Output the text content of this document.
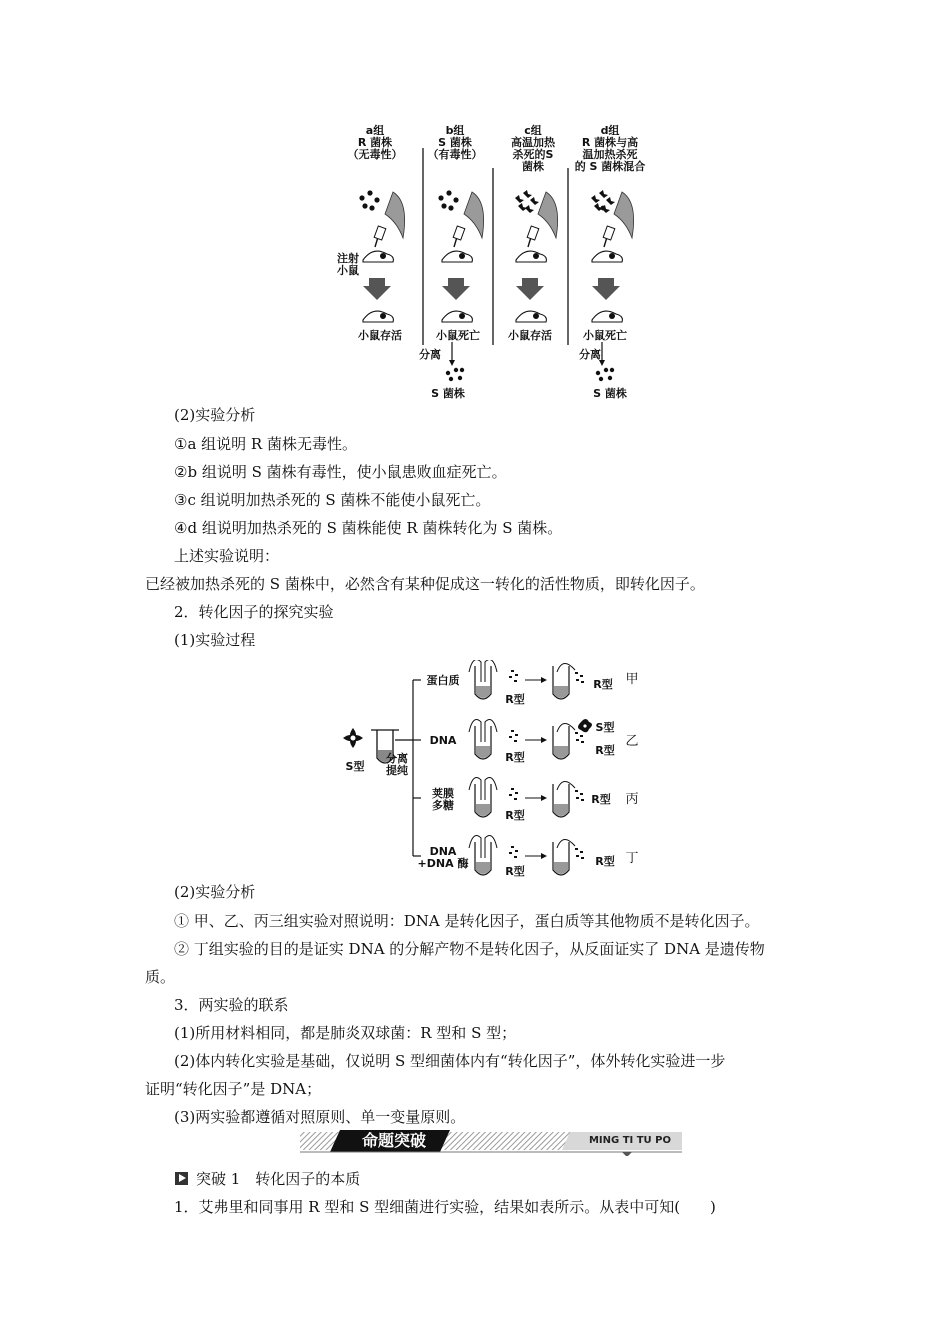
a组
R 菌株
（无毒性）
b组
S 菌株
（有毒性）
c组
高温加热
杀死的S
菌株
d组
R 菌株与高
温加热杀死
的 S 菌株混合
注射
小鼠
小鼠存活	小鼠死亡	小鼠存活	小鼠死亡
分离	分离
S 菌株	S 菌株
(2)实验分析
①a 组说明 R 菌株无毒性。
②b 组说明 S 菌株有毒性，使小鼠患败血症死亡。
③c 组说明加热杀死的 S 菌株不能使小鼠死亡。
④d 组说明加热杀死的 S 菌株能使 R 菌株转化为 S 菌株。
上述实验说明：
已经被加热杀死的 S 菌株中，必然含有某种促成这一转化的活性物质，即转化因子。
2．转化因子的探究实验
(1)实验过程
S型
分离
提纯
蛋白质
DNA
荚膜
多糖
DNA
+DNA 酶
R型
R型
R型
R型
R型
S型
R型
R型
R型
甲
乙
丙
丁
(2)实验分析
① 甲、乙、丙三组实验对照说明：DNA 是转化因子，蛋白质等其他物质不是转化因子。
② 丁组实验的目的是证实 DNA 的分解产物不是转化因子，从反面证实了 DNA 是遗传物
质。
3．两实验的联系
(1)所用材料相同，都是肺炎双球菌：R 型和 S 型；
(2)体内转化实验是基础，仅说明 S 型细菌体内有“转化因子”，体外转化实验进一步
证明“转化因子”是 DNA；
(3)两实验都遵循对照原则、单一变量原则。
命题突破	MING TI TU PO
突破 1　转化因子的本质
1．艾弗里和同事用 R 型和 S 型细菌进行实验，结果如表所示。从表中可知(　　)
